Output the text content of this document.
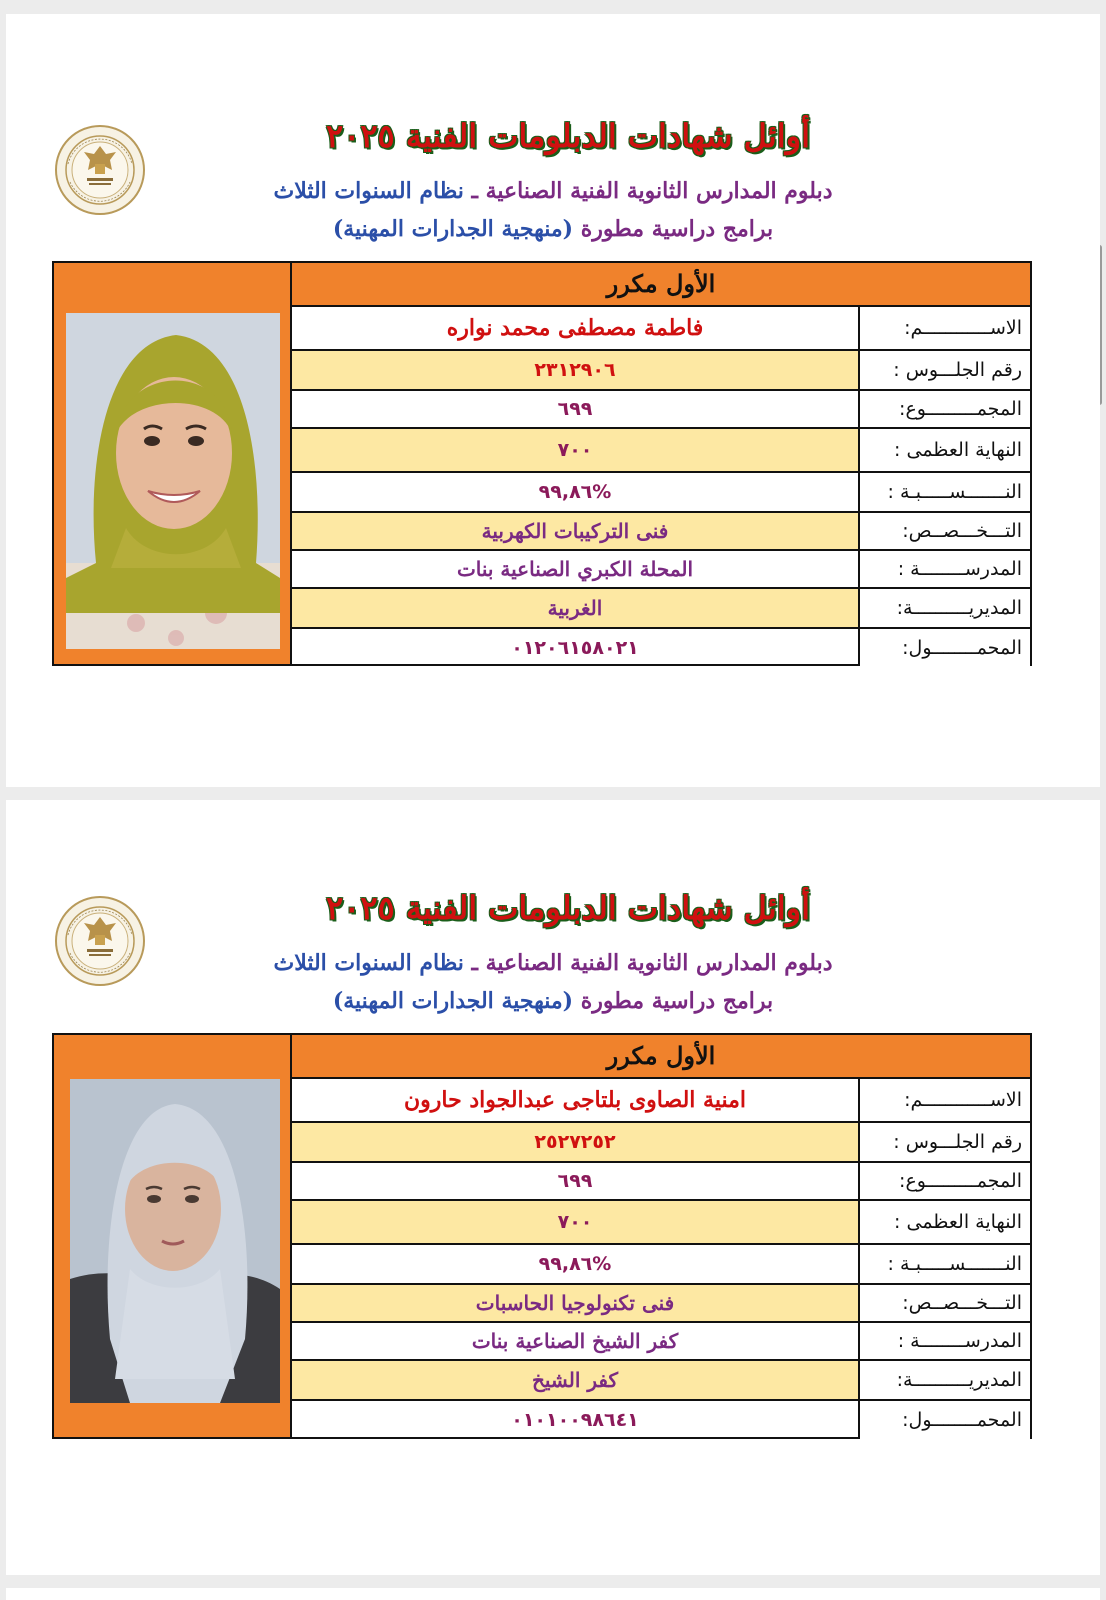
أوائل شهادات الدبلومات الفنية ٢٠٢٥
دبلوم المدارس الثانوية الفنية الصناعية ـ نظام السنوات الثلاث
برامج دراسية مطورة (منهجية الجدارات المهنية)
الأول مكرر
فاطمة مصطفى محمد نواره	الاســــــــــــم:
٢٣١٢٩٠٦	رقم الجلـــوس :
٦٩٩	المجمـــــــــوع:
٧٠٠	النهاية العظمى :
%٩٩,٨٦	النـــــــســـــبـة :
فنى التركيبات الكهربية	التـــخـــصــص:
المحلة الكبري الصناعية بنات	المدرســــــــة :
الغربية	المديريــــــــــة:
٠١٢٠٦١٥٨٠٢١	المحمــــــــول:
أوائل شهادات الدبلومات الفنية ٢٠٢٥
دبلوم المدارس الثانوية الفنية الصناعية ـ نظام السنوات الثلاث
برامج دراسية مطورة (منهجية الجدارات المهنية)
الأول مكرر
امنية الصاوى بلتاجى عبدالجواد حارون	الاســــــــــــم:
٢٥٢٧٢٥٢	رقم الجلـــوس :
٦٩٩	المجمـــــــــوع:
٧٠٠	النهاية العظمى :
%٩٩,٨٦	النـــــــســـــبـة :
فنى تكنولوجيا الحاسبات	التـــخـــصــص:
كفر الشيخ الصناعية بنات	المدرســــــــة :
كفر الشيخ	المديريــــــــــة:
٠١٠١٠٠٩٨٦٤١	المحمــــــــول:
